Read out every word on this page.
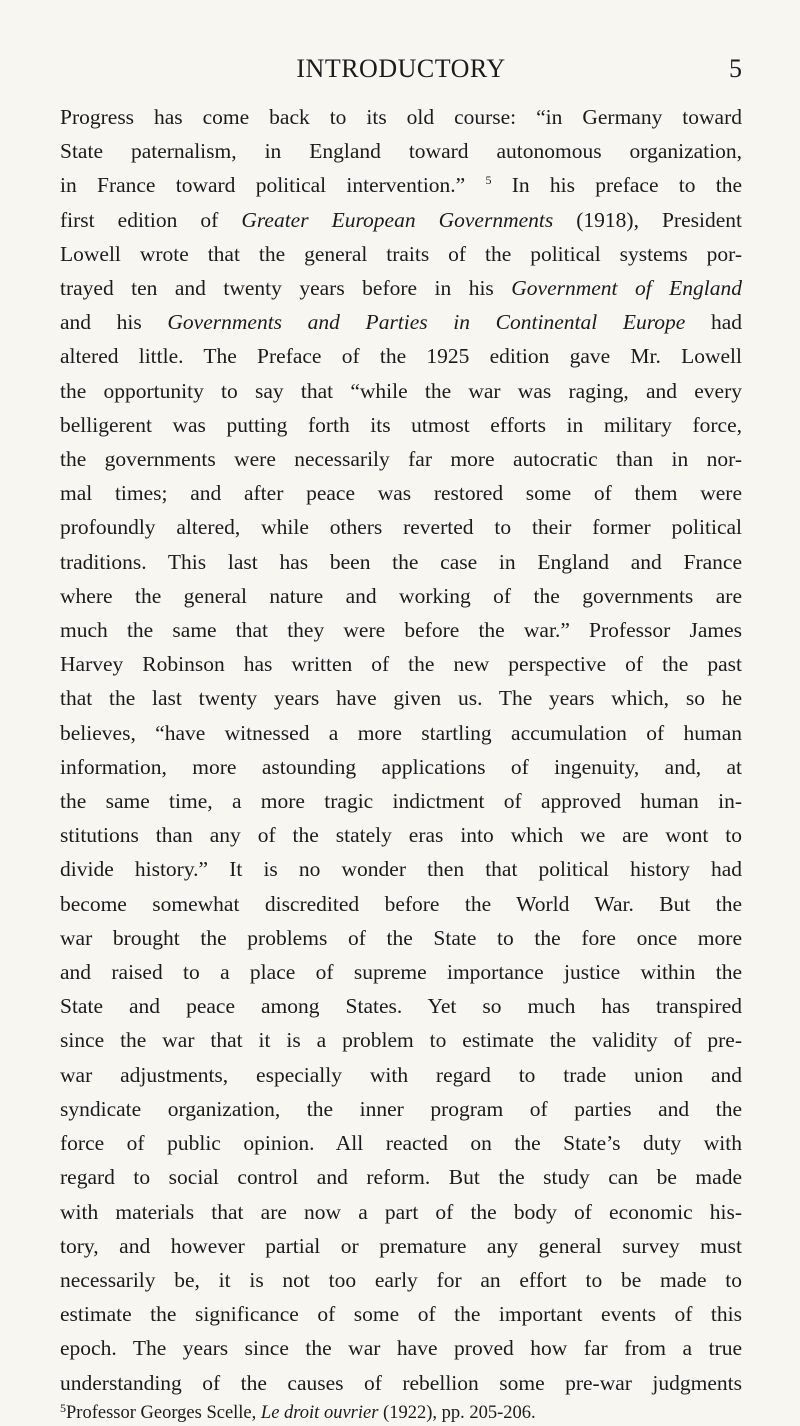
INTRODUCTORY	5
Progress has come back to its old course: “in Germany toward
State paternalism, in England toward autonomous organization,
in France toward political intervention.” $^5$ In his preface to the
first edition of Greater European Governments (1918), President
Lowell wrote that the general traits of the political systems por-
trayed ten and twenty years before in his Government of England
and his Governments and Parties in Continental Europe had
altered little. The Preface of the 1925 edition gave Mr. Lowell
the opportunity to say that “while the war was raging, and every
belligerent was putting forth its utmost efforts in military force,
the governments were necessarily far more autocratic than in nor-
mal times; and after peace was restored some of them were
profoundly altered, while others reverted to their former political
traditions. This last has been the case in England and France
where the general nature and working of the governments are
much the same that they were before the war.” Professor James
Harvey Robinson has written of the new perspective of the past
that the last twenty years have given us. The years which, so he
believes, “have witnessed a more startling accumulation of human
information, more astounding applications of ingenuity, and, at
the same time, a more tragic indictment of approved human in-
stitutions than any of the stately eras into which we are wont to
divide history.” It is no wonder then that political history had
become somewhat discredited before the World War. But the
war brought the problems of the State to the fore once more
and raised to a place of supreme importance justice within the
State and peace among States. Yet so much has transpired
since the war that it is a problem to estimate the validity of pre-
war adjustments, especially with regard to trade union and
syndicate organization, the inner program of parties and the
force of public opinion. All reacted on the State’s duty with
regard to social control and reform. But the study can be made
with materials that are now a part of the body of economic his-
tory, and however partial or premature any general survey must
necessarily be, it is not too early for an effort to be made to
estimate the significance of some of the important events of this
epoch. The years since the war have proved how far from a true
understanding of the causes of rebellion some pre-war judgments
$^5$Professor Georges Scelle, Le droit ouvrier (1922), pp. 205-206.
